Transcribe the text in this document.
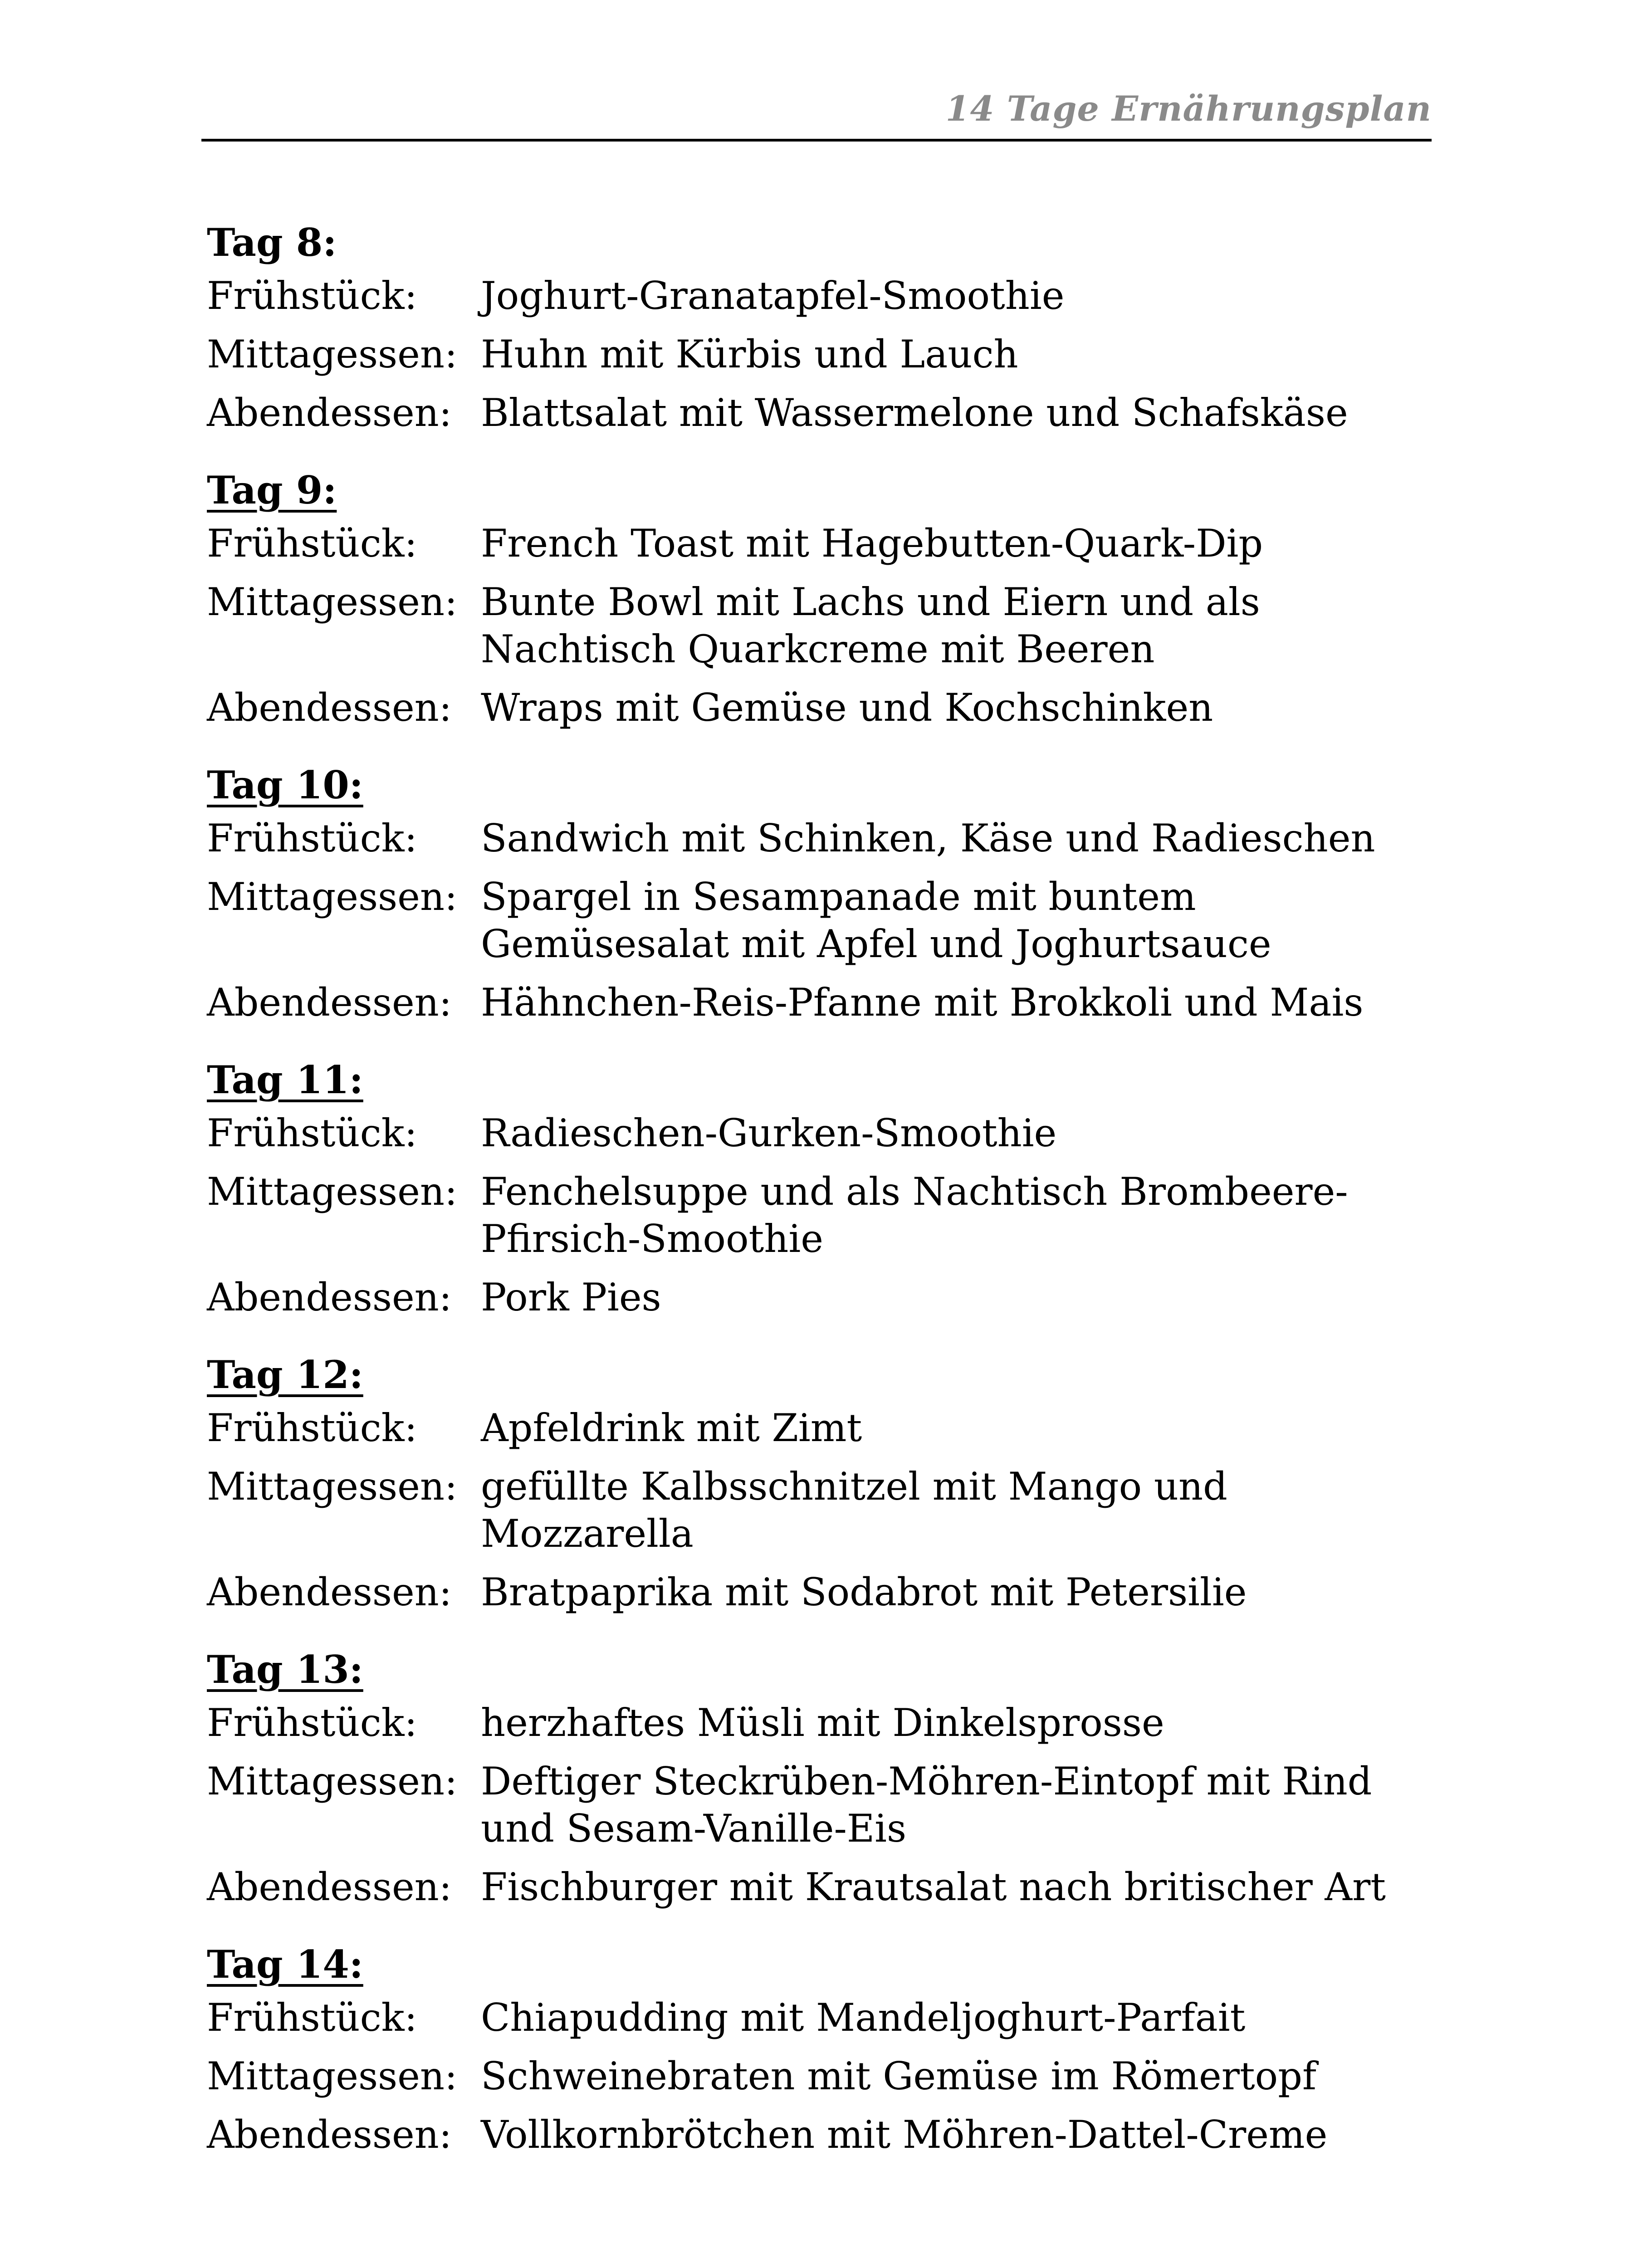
14 Tage Ernährungsplan
Tag 8:
Frühstück:	Joghurt-Granatapfel-Smoothie
Mittagessen: Huhn mit Kürbis und Lauch
Abendessen: Blattsalat mit Wassermelone und Schafskäse
Tag 9:
Frühstück:	French Toast mit Hagebutten-Quark-Dip
Mittagessen: Bunte Bowl mit Lachs und Eiern und als Nachtisch Quarkcreme mit Beeren
Abendessen: Wraps mit Gemüse und Kochschinken
Tag 10:
Frühstück:	Sandwich mit Schinken, Käse und Radieschen
Mittagessen: Spargel in Sesampanade mit buntem Gemüsesalat mit Apfel und Joghurtsauce
Abendessen: Hähnchen-Reis-Pfanne mit Brokkoli und Mais
Tag 11:
Frühstück:	Radieschen-Gurken-Smoothie
Mittagessen: Fenchelsuppe und als Nachtisch Brombeere-Pfirsich-Smoothie
Abendessen: Pork Pies
Tag 12:
Frühstück:	Apfeldrink mit Zimt
Mittagessen: gefüllte Kalbsschnitzel mit Mango und Mozzarella
Abendessen: Bratpaprika mit Sodabrot mit Petersilie
Tag 13:
Frühstück:	herzhaftes Müsli mit Dinkelsprosse
Mittagessen: Deftiger Steckrüben-Möhren-Eintopf mit Rind und Sesam-Vanille-Eis
Abendessen: Fischburger mit Krautsalat nach britischer Art
Tag 14:
Frühstück:	Chiapudding mit Mandeljoghurt-Parfait
Mittagessen: Schweinebraten mit Gemüse im Römertopf
Abendessen: Vollkornbrötchen mit Möhren-Dattel-Creme
